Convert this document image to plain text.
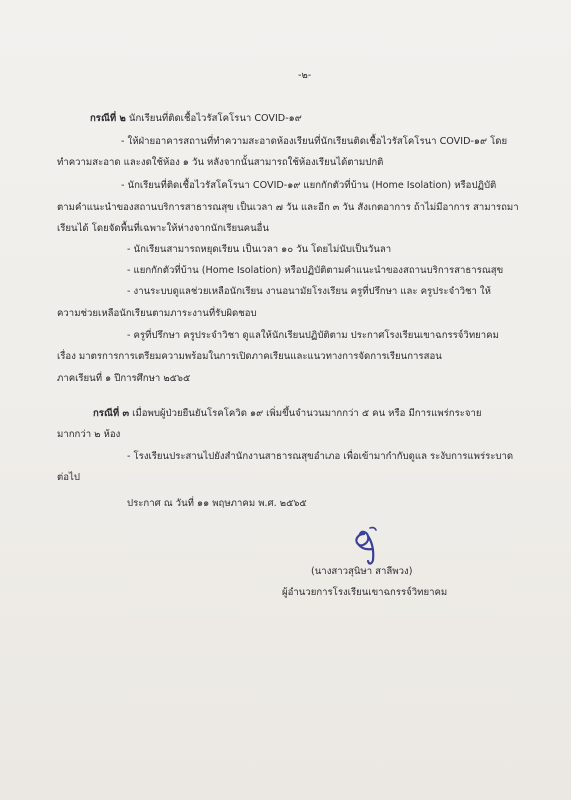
-๒-
กรณีที่ ๒ นักเรียนที่ติดเชื้อไวรัสโคโรนา COVID-๑๙
- ให้ฝ่ายอาคารสถานที่ทำความสะอาดห้องเรียนที่นักเรียนติดเชื้อไวรัสโคโรนา COVID-๑๙ โดย
ทำความสะอาด และงดใช้ห้อง ๑ วัน หลังจากนั้นสามารถใช้ห้องเรียนได้ตามปกติ
- นักเรียนที่ติดเชื้อไวรัสโคโรนา COVID-๑๙ แยกกักตัวที่บ้าน (Home Isolation) หรือปฏิบัติ
ตามคำแนะนำของสถานบริการสาธารณสุข เป็นเวลา ๗ วัน และอีก ๓ วัน สังเกตอาการ ถ้าไม่มีอาการ สามารถมา
เรียนได้ โดยจัดพื้นที่เฉพาะให้ห่างจากนักเรียนคนอื่น
- นักเรียนสามารถหยุดเรียน เป็นเวลา ๑๐ วัน โดยไม่นับเป็นวันลา
- แยกกักตัวที่บ้าน (Home Isolation) หรือปฏิบัติตามคำแนะนำของสถานบริการสาธารณสุข
- งานระบบดูแลช่วยเหลือนักเรียน งานอนามัยโรงเรียน ครูที่ปรึกษา และ ครูประจำวิชา ให้
ความช่วยเหลือนักเรียนตามภาระงานที่รับผิดชอบ
- ครูที่ปรึกษา ครูประจำวิชา ดูแลให้นักเรียนปฏิบัติตาม ประกาศโรงเรียนเขาฉกรรจ์วิทยาคม
เรื่อง มาตรการการเตรียมความพร้อมในการเปิดภาคเรียนและแนวทางการจัดการเรียนการสอน
ภาคเรียนที่ ๑ ปีการศึกษา ๒๕๖๕
กรณีที่ ๓ เมื่อพบผู้ป่วยยืนยันโรคโควิด ๑๙ เพิ่มขึ้นจำนวนมากกว่า ๕ คน หรือ มีการแพร่กระจาย
มากกว่า ๒ ห้อง
- โรงเรียนประสานไปยังสำนักงานสาธารณสุขอำเภอ เพื่อเข้ามากำกับดูแล ระงับการแพร่ระบาด
ต่อไป
ประกาศ ณ วันที่ ๑๑ พฤษภาคม พ.ศ. ๒๕๖๕
(นางสาวสุนิษา สาลีพวง)
ผู้อำนวยการโรงเรียนเขาฉกรรจ์วิทยาคม
